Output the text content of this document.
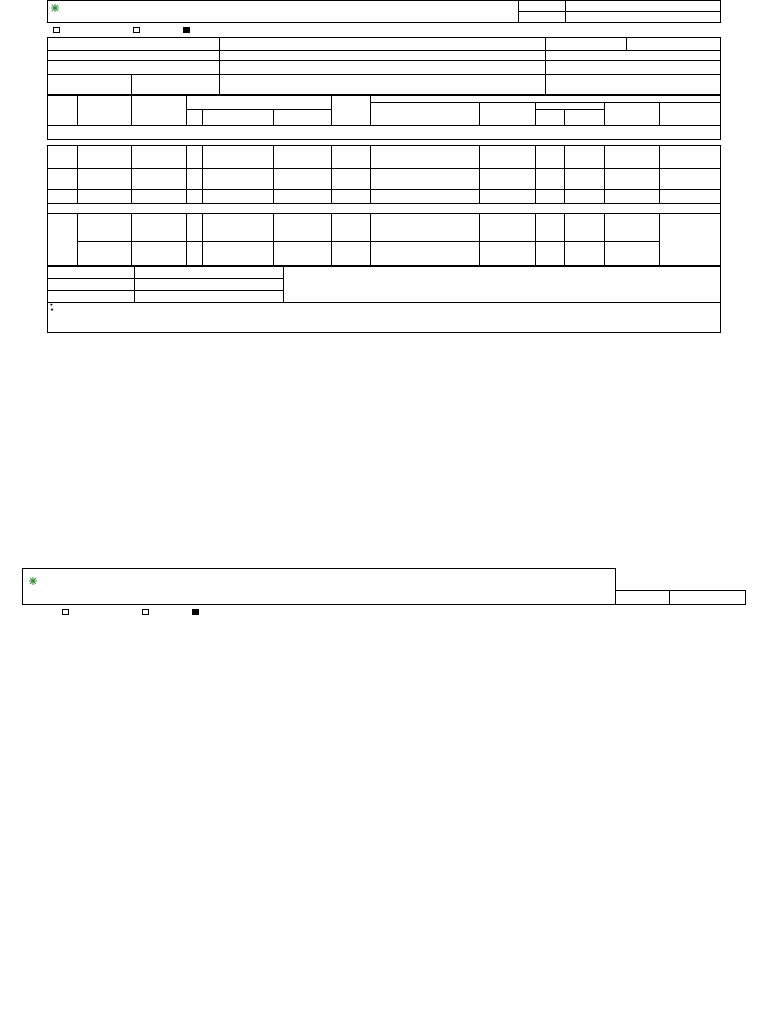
●
★		
